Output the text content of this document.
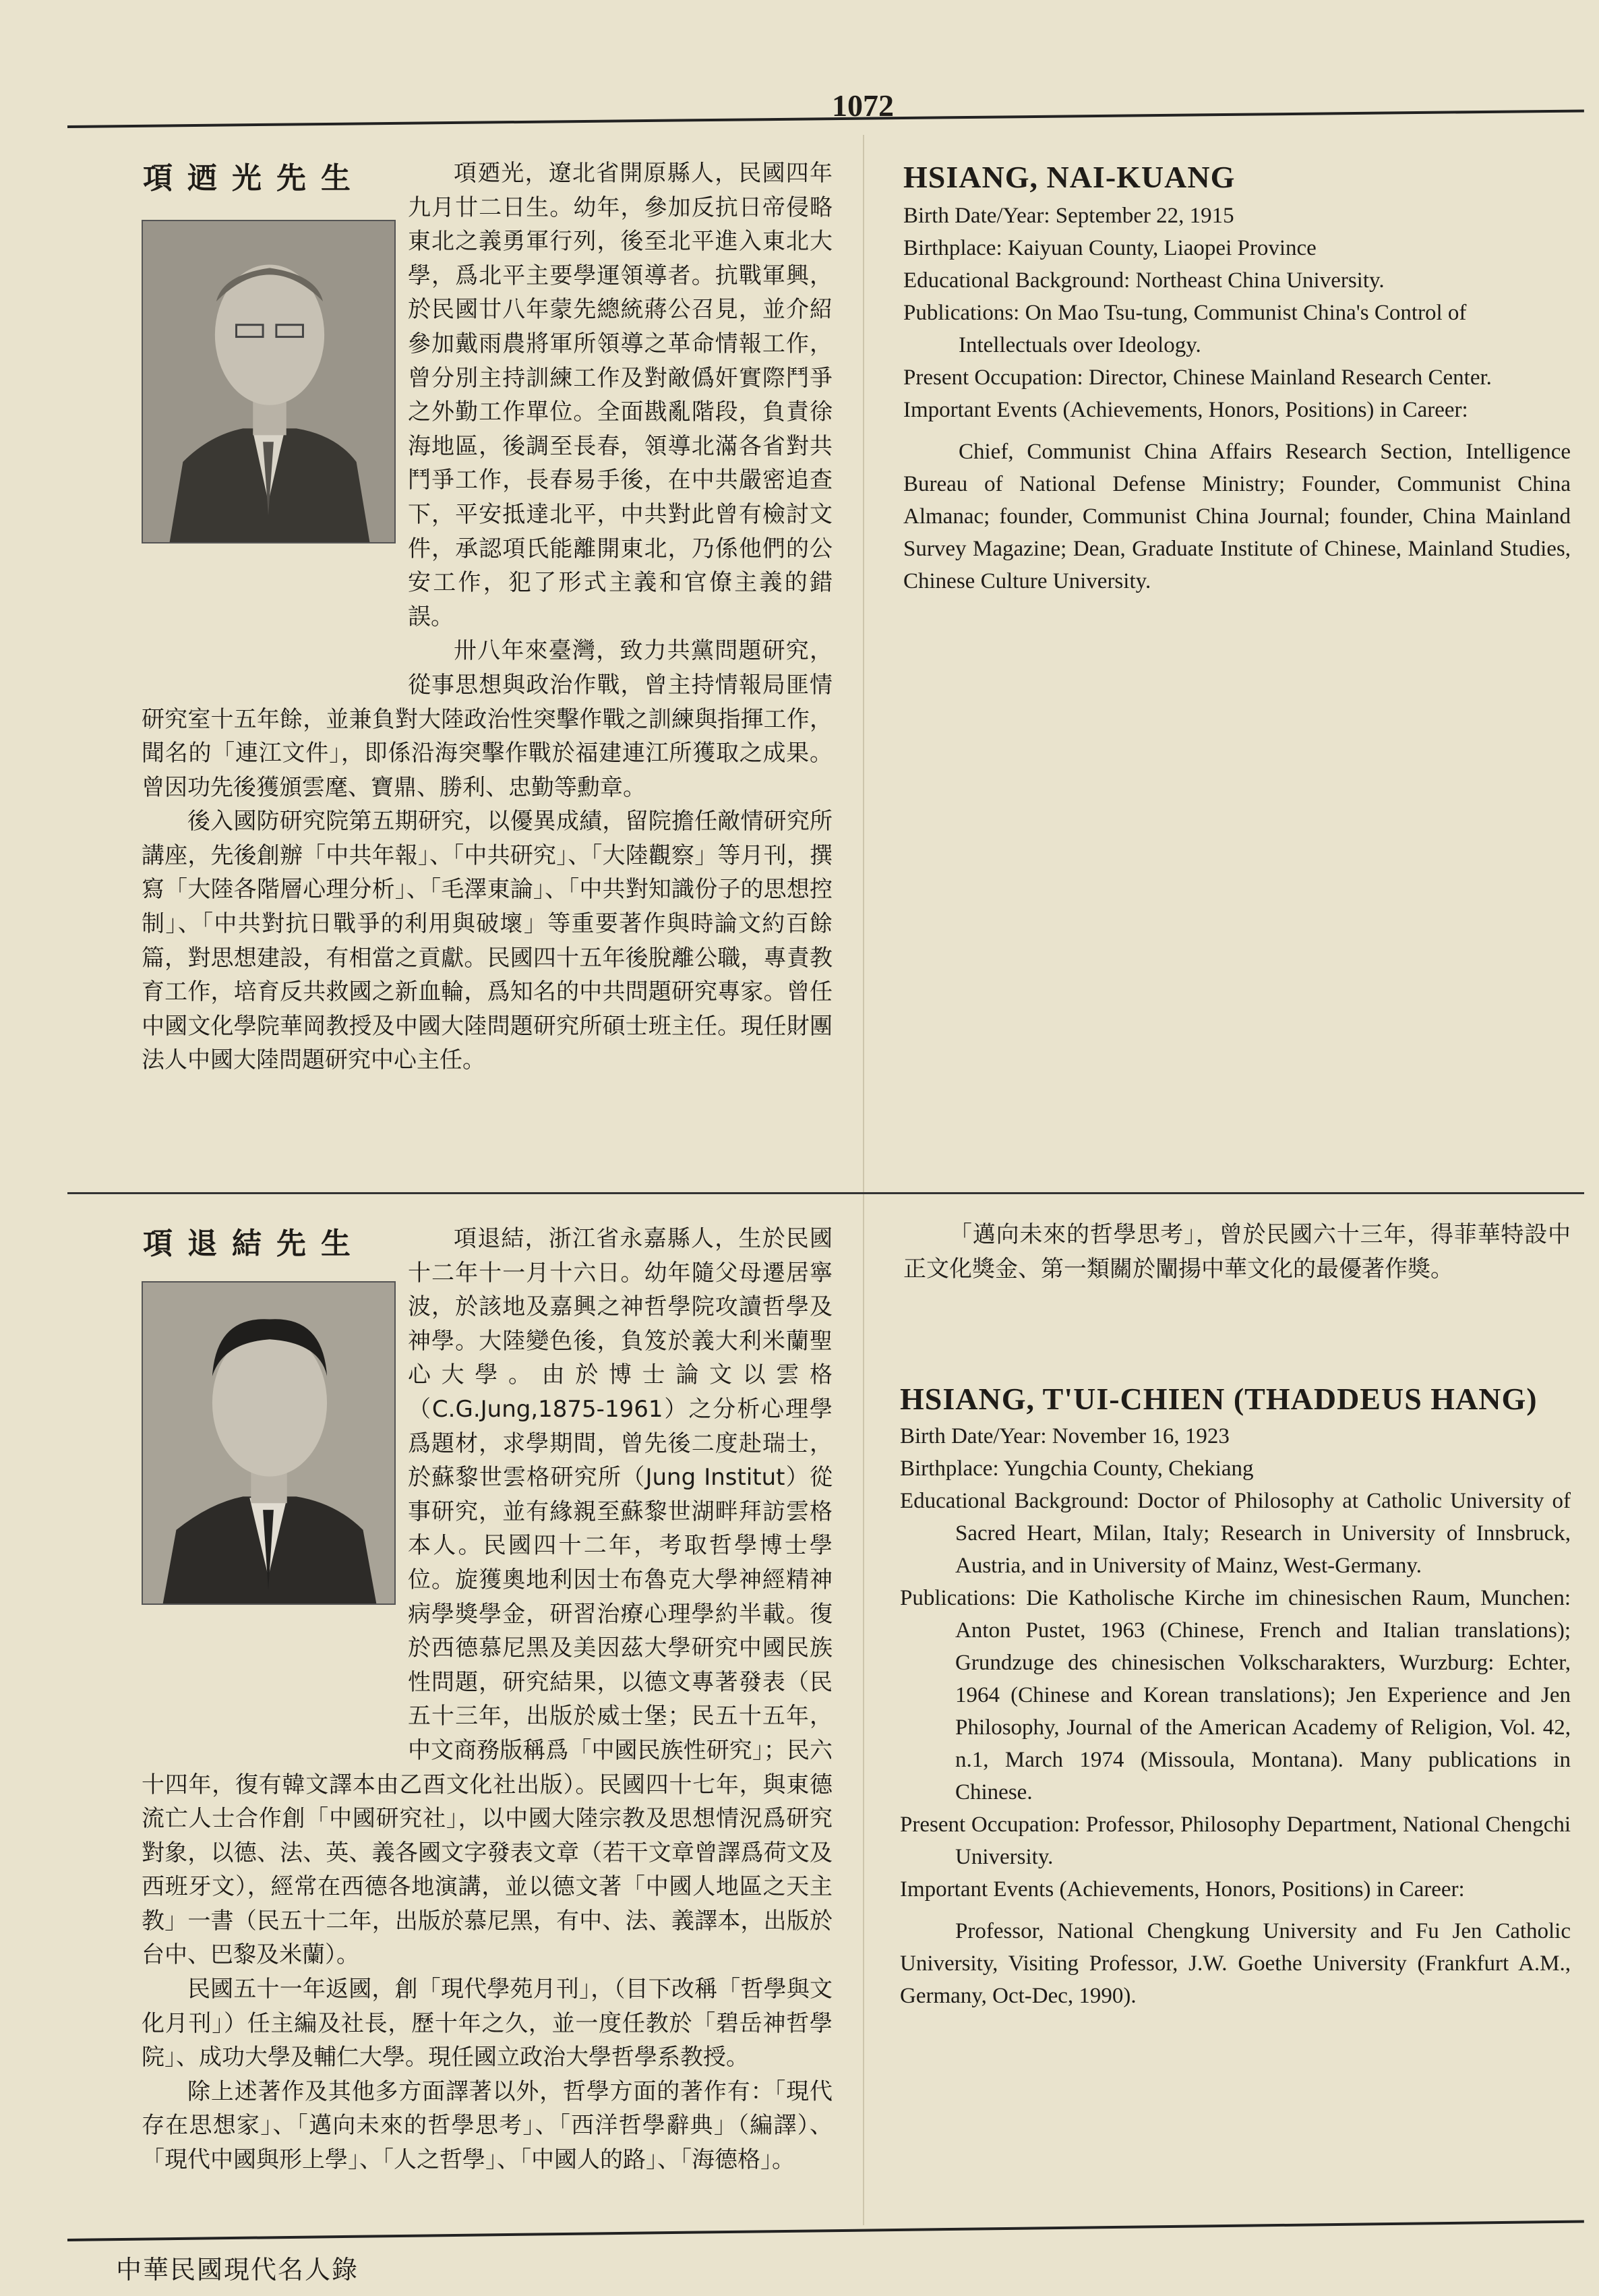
1072
項迺光先生	項廼光，遼北省開原縣人，民國四年九月廿二日生。幼年，參加反抗日帝侵略東北之義勇軍行列，後至北平進入東北大學，爲北平主要學運領導者。抗戰軍興，於民國廿八年蒙先總統蔣公召見，並介紹參加戴雨農將軍所領導之革命情報工作，曾分別主持訓練工作及對敵僞奸實際鬥爭之外勤工作單位。全面戡亂階段，負責徐海地區，後調至長春，領導北滿各省對共鬥爭工作，長春易手後，在中共嚴密追查下，平安抵達北平，中共對此曾有檢討文件，承認項氏能離開東北，乃係他們的公安工作，犯了形式主義和官僚主義的錯誤。

卅八年來臺灣，致力共黨問題研究，從事思想與政治作戰，曾主持情報局匪情研究室十五年餘，並兼負對大陸政治性突擊作戰之訓練與指揮工作，聞名的「連江文件」，即係沿海突擊作戰於福建連江所獲取之成果。曾因功先後獲頒雲麾、寶鼎、勝利、忠勤等勳章。

後入國防研究院第五期研究，以優異成績，留院擔任敵情研究所講座，先後創辦「中共年報」、「中共研究」、「大陸觀察」等月刊，撰寫「大陸各階層心理分析」、「毛澤東論」、「中共對知識份子的思想控制」、「中共對抗日戰爭的利用與破壞」等重要著作與時論文約百餘篇，對思想建設，有相當之貢獻。民國四十五年後脫離公職，專責教育工作，培育反共救國之新血輪，爲知名的中共問題研究專家。曾任中國文化學院華岡教授及中國大陸問題研究所碩士班主任。現任財團法人中國大陸問題研究中心主任。

HSIANG, NAI-KUANG
Birth Date/Year: September 22, 1915
Birthplace: Kaiyuan County, Liaopei Province
Educational Background: Northeast China University.
Publications: On Mao Tsu-tung, Communist China's Control of Intellectuals over Ideology.
Present Occupation: Director, Chinese Mainland Research Center.
Important Events (Achievements, Honors, Positions) in Career:
Chief, Communist China Affairs Research Section, Intelligence Bureau of National Defense Ministry; Founder, Communist China Almanac; founder, Communist China Journal; founder, China Mainland Survey Magazine; Dean, Graduate Institute of Chinese, Mainland Studies, Chinese Culture University.
項退結先生	項退結，浙江省永嘉縣人，生於民國十二年十一月十六日。幼年隨父母遷居寧波，於該地及嘉興之神哲學院攻讀哲學及神學。大陸變色後，負笈於義大利米蘭聖心大學。由於博士論文以雲格（C.G.Jung,1875-1961）之分析心理學爲題材，求學期間，曾先後二度赴瑞士，於蘇黎世雲格研究所（Jung Institut）從事研究，並有緣親至蘇黎世湖畔拜訪雲格本人。民國四十二年，考取哲學博士學位。旋獲奧地利因士布魯克大學神經精神病學獎學金，研習治療心理學約半載。復於西德慕尼黑及美因茲大學研究中國民族性問題，研究結果，以德文專著發表（民五十三年，出版於威士堡；民五十五年，中文商務版稱爲「中國民族性研究」；民六十四年，復有韓文譯本由乙酉文化社出版）。民國四十七年，與東德流亡人士合作創「中國研究社」，以中國大陸宗教及思想情況爲研究對象，以德、法、英、義各國文字發表文章（若干文章曾譯爲荷文及西班牙文），經常在西德各地演講，並以德文著「中國人地區之天主教」一書（民五十二年，出版於慕尼黑，有中、法、義譯本，出版於台中、巴黎及米蘭）。

民國五十一年返國，創「現代學苑月刊」，（目下改稱「哲學與文化月刊」）任主編及社長，歷十年之久，並一度任教於「碧岳神哲學院」、成功大學及輔仁大學。現任國立政治大學哲學系教授。

除上述著作及其他多方面譯著以外，哲學方面的著作有：「現代存在思想家」、「邁向未來的哲學思考」、「西洋哲學辭典」（編譯）、「現代中國與形上學」、「人之哲學」、「中國人的路」、「海德格」。

「邁向未來的哲學思考」，曾於民國六十三年，得菲華特設中正文化獎金、第一類關於闡揚中華文化的最優著作獎。

HSIANG, T'UI-CHIEN (THADDEUS HANG)
Birth Date/Year: November 16, 1923
Birthplace: Yungchia County, Chekiang
Educational Background: Doctor of Philosophy at Catholic University of Sacred Heart, Milan, Italy; Research in University of Innsbruck, Austria, and in University of Mainz, West-Germany.
Publications: Die Katholische Kirche im chinesischen Raum, Munchen: Anton Pustet, 1963 (Chinese, French and Italian translations); Grundzuge des chinesischen Volkscharakters, Wurzburg: Echter, 1964 (Chinese and Korean translations); Jen Experience and Jen Philosophy, Journal of the American Academy of Religion, Vol. 42, n.1, March 1974 (Missoula, Montana). Many publications in Chinese.
Present Occupation: Professor, Philosophy Department, National Chengchi University.
Important Events (Achievements, Honors, Positions) in Career:
Professor, National Chengkung University and Fu Jen Catholic University, Visiting Professor, J.W. Goethe University (Frankfurt A.M., Germany, Oct-Dec, 1990).
中華民國現代名人錄
